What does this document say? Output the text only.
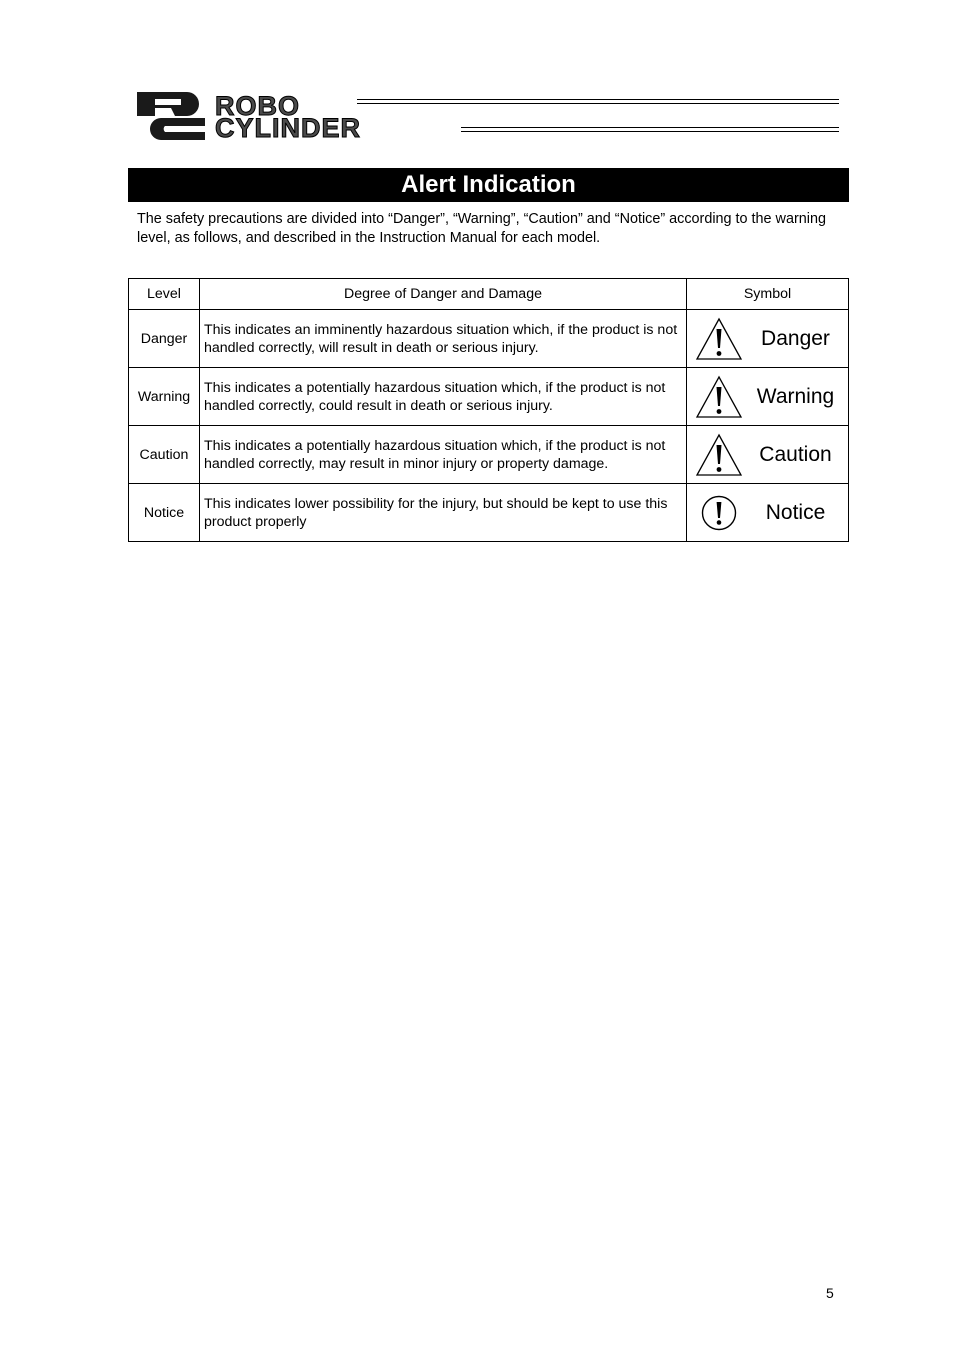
ROBO
CYLINDER
Alert Indication
The safety precautions are divided into “Danger”, “Warning”, “Caution” and “Notice” according to the warning level, as follows, and described in the Instruction Manual for each model.
Level	Degree of Danger and Damage	Symbol
Danger	This indicates an imminently hazardous situation which, if the product is not handled correctly, will result in death or serious injury.	Danger

Warning	This indicates a potentially hazardous situation which, if the product is not handled correctly, could result in death or serious injury.	Warning

Caution	This indicates a potentially hazardous situation which, if the product is not handled correctly, may result in minor injury or property damage.	Caution

Notice	This indicates lower possibility for the injury, but should be kept to use this product properly	Notice
5
